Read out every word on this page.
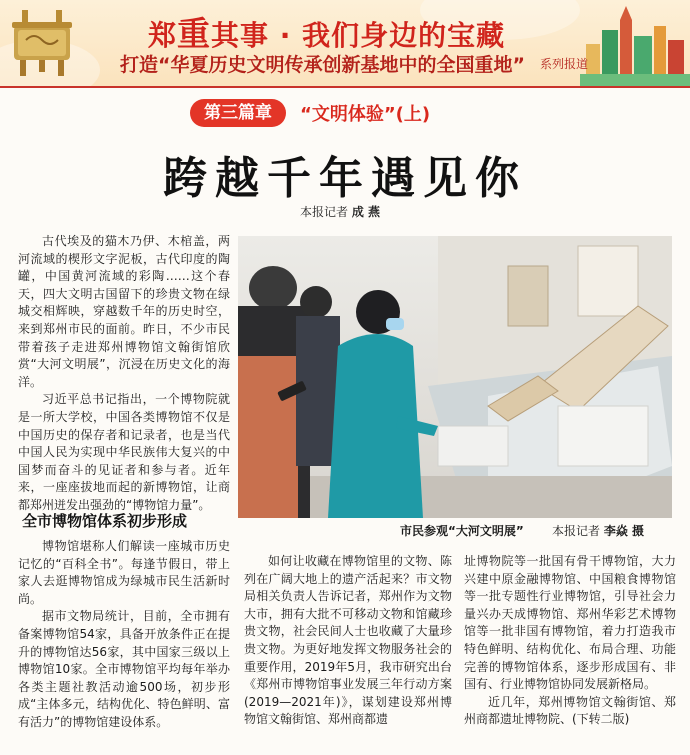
郑重其事 · 我们身边的宝藏
打造“华夏历史文明传承创新基地中的全国重地” 系列报道
第三篇章	“文明体验”(上)
跨越千年遇见你
本报记者 成 燕

古代埃及的猫木乃伊、木棺盖，两河流域的楔形文字泥板，古代印度的陶罐，中国黄河流域的彩陶……这个春天，四大文明古国留下的珍贵文物在绿城交相辉映，穿越数千年的历史时空，来到郑州市民的面前。昨日，不少市民带着孩子走进郑州博物馆文翰街馆欣赏“大河文明展”，沉浸在历史文化的海洋。

习近平总书记指出，一个博物院就是一所大学校，中国各类博物馆不仅是中国历史的保存者和记录者，也是当代中国人民为实现中华民族伟大复兴的中国梦而奋斗的见证者和参与者。近年来，一座座拔地而起的新博物馆，让商都郑州迸发出强劲的“博物馆力量”。

全市博物馆体系初步形成

博物馆堪称人们解读一座城市历史记忆的“百科全书”。每逢节假日，带上家人去逛博物馆成为绿城市民生活新时尚。

据市文物局统计，目前，全市拥有备案博物馆54家，具备开放条件正在提升的博物馆达56家，其中国家三级以上博物馆10家。全市博物馆平均每年举办各类主题社教活动逾500场，初步形成“主体多元，结构优化、特色鲜明、富有活力”的博物馆建设体系。

市民参观“大河文明展” 本报记者 李焱 摄

如何让收藏在博物馆里的文物、陈列在广阔大地上的遗产活起来？市文物局相关负责人告诉记者，郑州作为文物大市，拥有大批不可移动文物和馆藏珍贵文物，社会民间人士也收藏了大量珍贵文物。为更好地发挥文物服务社会的重要作用，2019年5月，我市研究出台《郑州市博物馆事业发展三年行动方案(2019—2021年)》，谋划建设郑州博物馆文翰街馆、郑州商都遗

址博物院等一批国有骨干博物馆，大力兴建中原金融博物馆、中国粮食博物馆等一批专题性行业博物馆，引导社会力量兴办天成博物馆、郑州华彩艺术博物馆等一批非国有博物馆，着力打造我市特色鲜明、结构优化、布局合理、功能完善的博物馆体系，逐步形成国有、非国有、行业博物馆协同发展新格局。

近几年，郑州博物馆文翰街馆、郑州商都遗址博物院、(下转二版)
